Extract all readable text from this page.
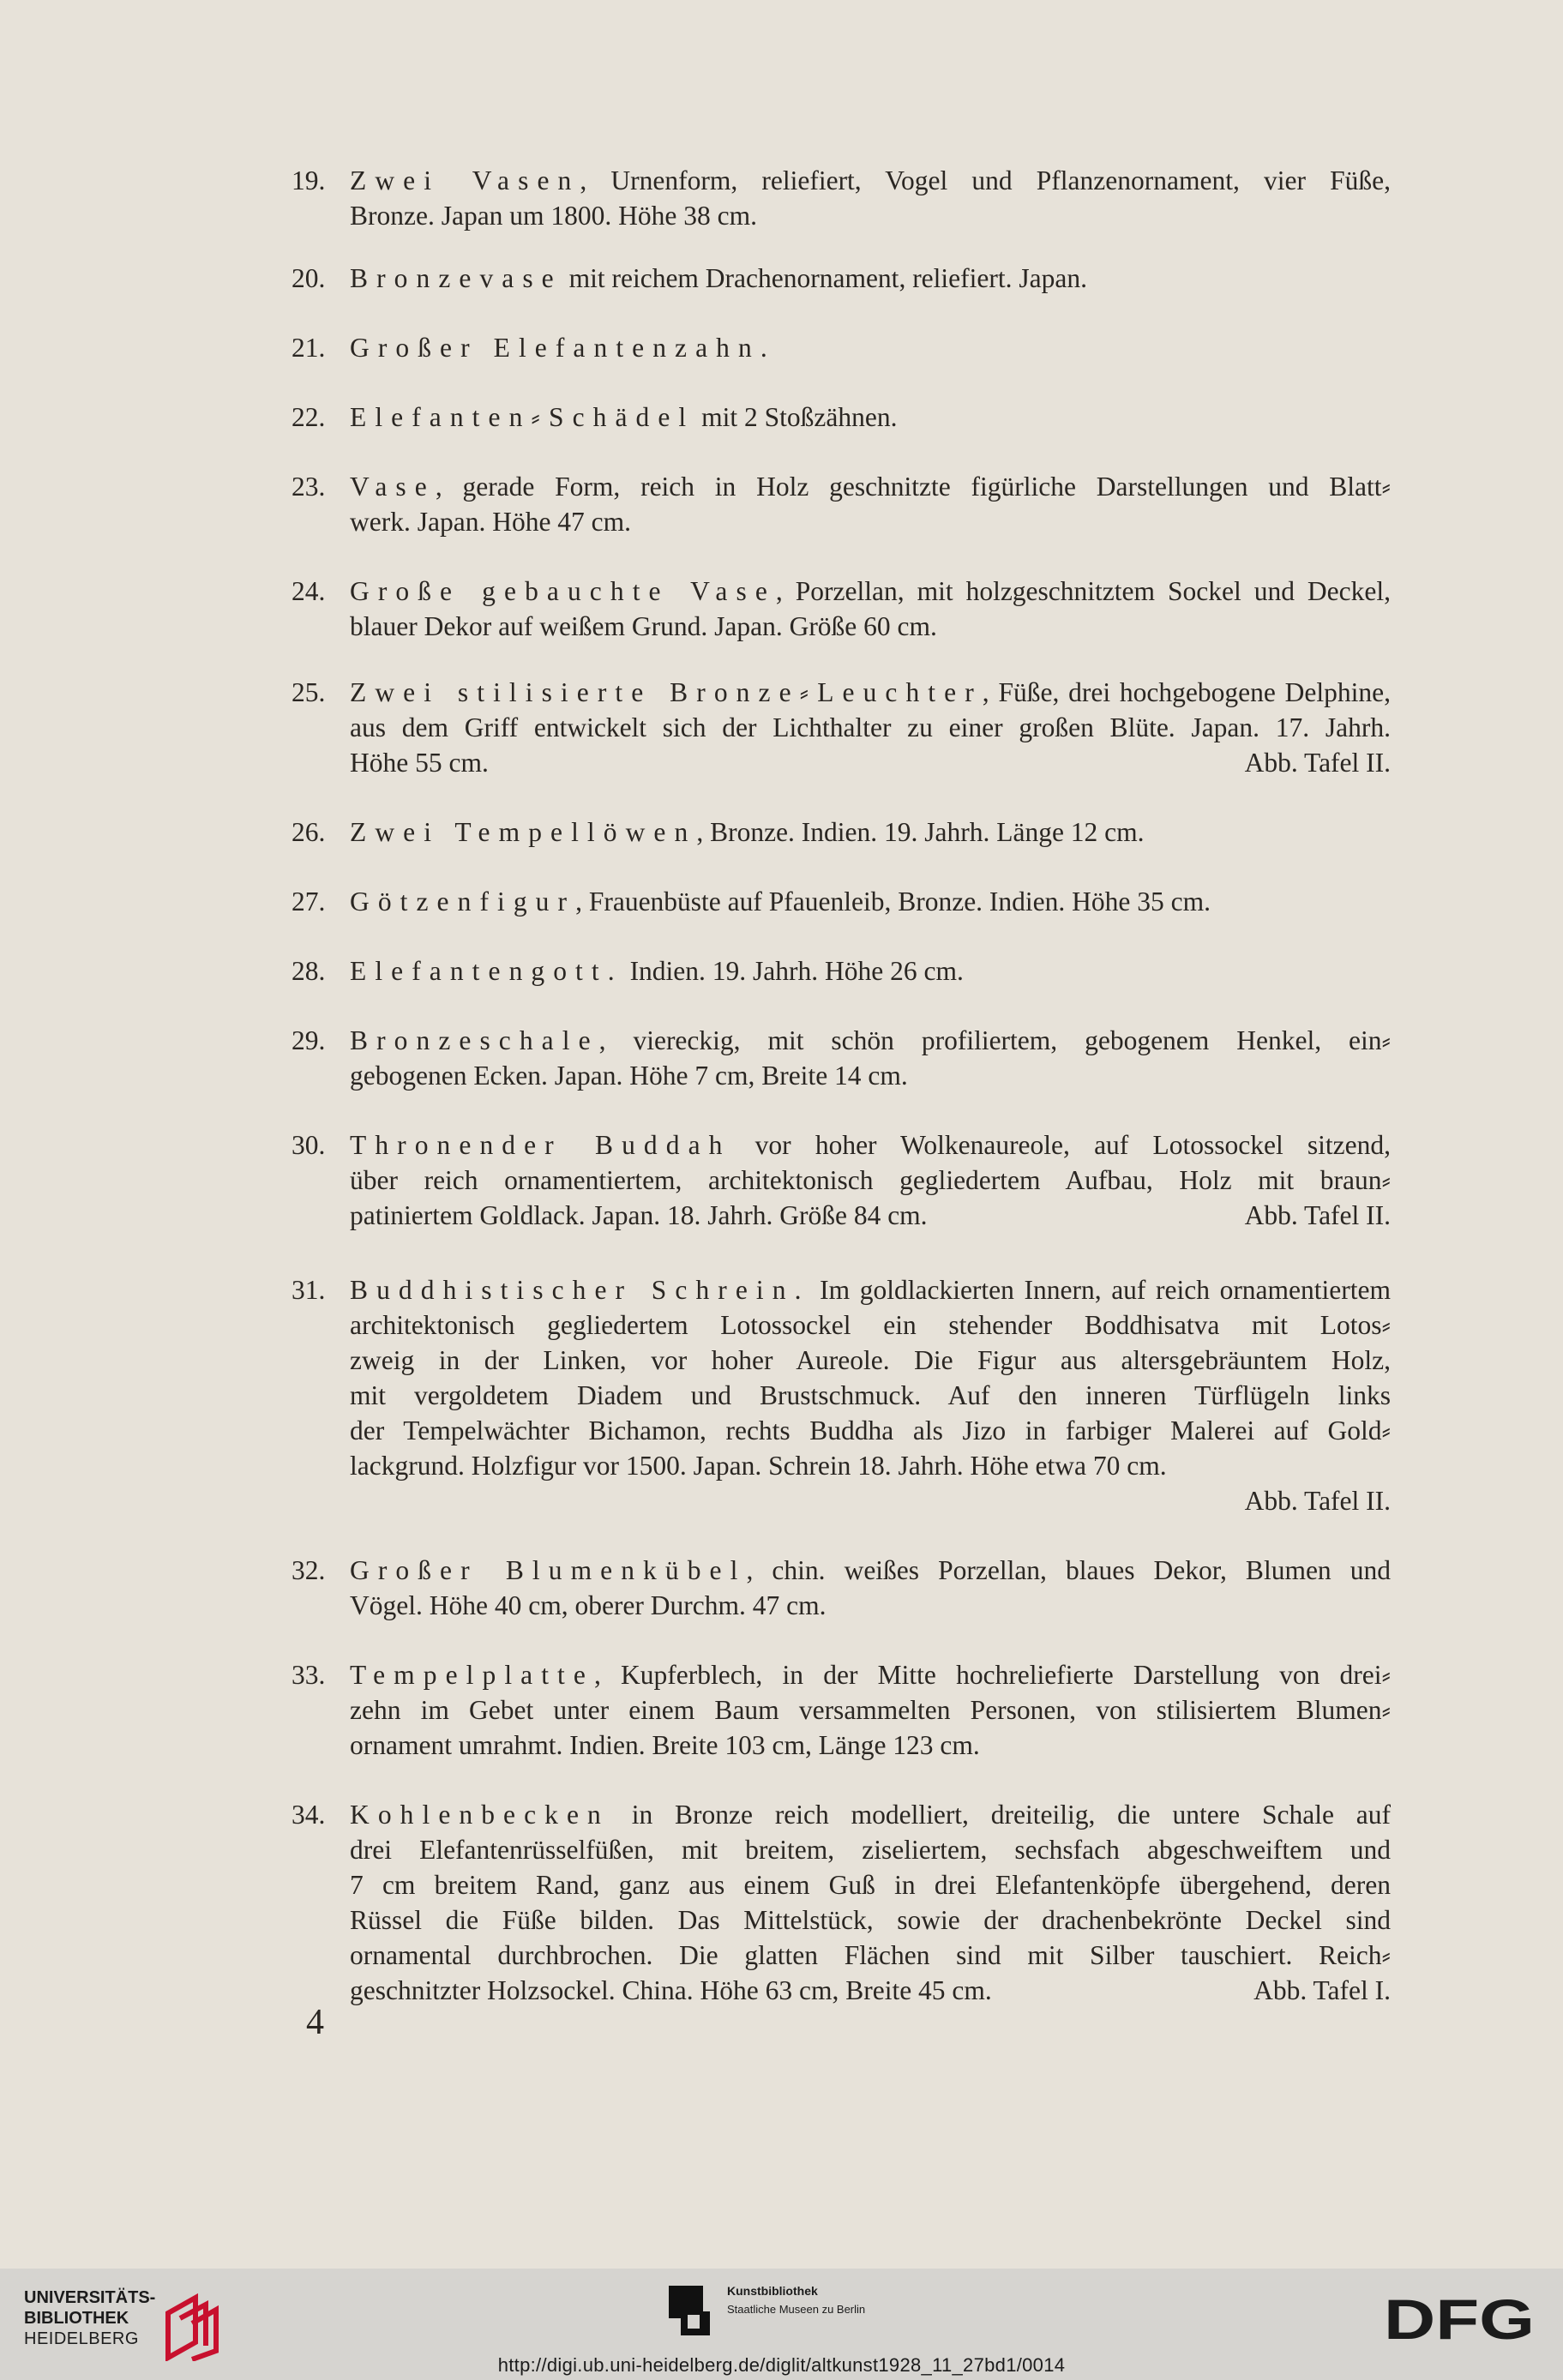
19. Zwei Vasen, Urnenform, reliefiert, Vogel und Pflanzenornament, vier Füße,
Bronze. Japan um 1800. Höhe 38 cm.
20. Bronzevase mit reichem Drachenornament, reliefiert. Japan.
21. Großer Elefantenzahn.
22. Elefanten⸗Schädel mit 2 Stoßzähnen.
23. Vase, gerade Form, reich in Holz geschnitzte figürliche Darstellungen und Blatt⸗
werk. Japan. Höhe 47 cm.
24. Große gebauchte Vase, Porzellan, mit holzgeschnitztem Sockel und Deckel,
blauer Dekor auf weißem Grund. Japan. Größe 60 cm.
25. Zwei stilisierte Bronze⸗Leuchter, Füße, drei hochgebogene Delphine,
aus dem Griff entwickelt sich der Lichthalter zu einer großen Blüte. Japan. 17. Jahrh.
Höhe 55 cm.	Abb. Tafel II.
26. Zwei Tempellöwen, Bronze. Indien. 19. Jahrh. Länge 12 cm.
27. Götzenfigur, Frauenbüste auf Pfauenleib, Bronze. Indien. Höhe 35 cm.
28. Elefantengott. Indien. 19. Jahrh. Höhe 26 cm.
29. Bronzeschale, viereckig, mit schön profiliertem, gebogenem Henkel, ein⸗
gebogenen Ecken. Japan. Höhe 7 cm, Breite 14 cm.
30. Thronender Buddah vor hoher Wolkenaureole, auf Lotossockel sitzend,
über reich ornamentiertem, architektonisch gegliedertem Aufbau, Holz mit braun⸗
patiniertem Goldlack. Japan. 18. Jahrh. Größe 84 cm.	Abb. Tafel II.
31. Buddhistischer Schrein. Im goldlackierten Innern, auf reich ornamentiertem
architektonisch gegliedertem Lotossockel ein stehender Boddhisatva mit Lotos⸗
zweig in der Linken, vor hoher Aureole. Die Figur aus altersgebräuntem Holz,
mit vergoldetem Diadem und Brustschmuck. Auf den inneren Türflügeln links
der Tempelwächter Bichamon, rechts Buddha als Jizo in farbiger Malerei auf Gold⸗
lackgrund. Holzfigur vor 1500. Japan. Schrein 18. Jahrh. Höhe etwa 70 cm.
Abb. Tafel II.
32. Großer Blumenkübel, chin. weißes Porzellan, blaues Dekor, Blumen und
Vögel. Höhe 40 cm, oberer Durchm. 47 cm.
33. Tempelplatte, Kupferblech, in der Mitte hochreliefierte Darstellung von drei⸗
zehn im Gebet unter einem Baum versammelten Personen, von stilisiertem Blumen⸗
ornament umrahmt. Indien. Breite 103 cm, Länge 123 cm.
34. Kohlenbecken in Bronze reich modelliert, dreiteilig, die untere Schale auf
drei Elefantenrüsselfüßen, mit breitem, ziseliertem, sechsfach abgeschweiftem und
7 cm breitem Rand, ganz aus einem Guß in drei Elefantenköpfe übergehend, deren
Rüssel die Füße bilden. Das Mittelstück, sowie der drachenbekrönte Deckel sind
ornamental durchbrochen. Die glatten Flächen sind mit Silber tauschiert. Reich⸗
geschnitzter Holzsockel. China. Höhe 63 cm, Breite 45 cm.	Abb. Tafel I.
4
UNIVERSITÄTS-
BIBLIOTHEK
HEIDELBERG
Kunstbibliothek
Staatliche Museen zu Berlin	DFG
http://digi.ub.uni-heidelberg.de/diglit/altkunst1928_11_27bd1/0014
